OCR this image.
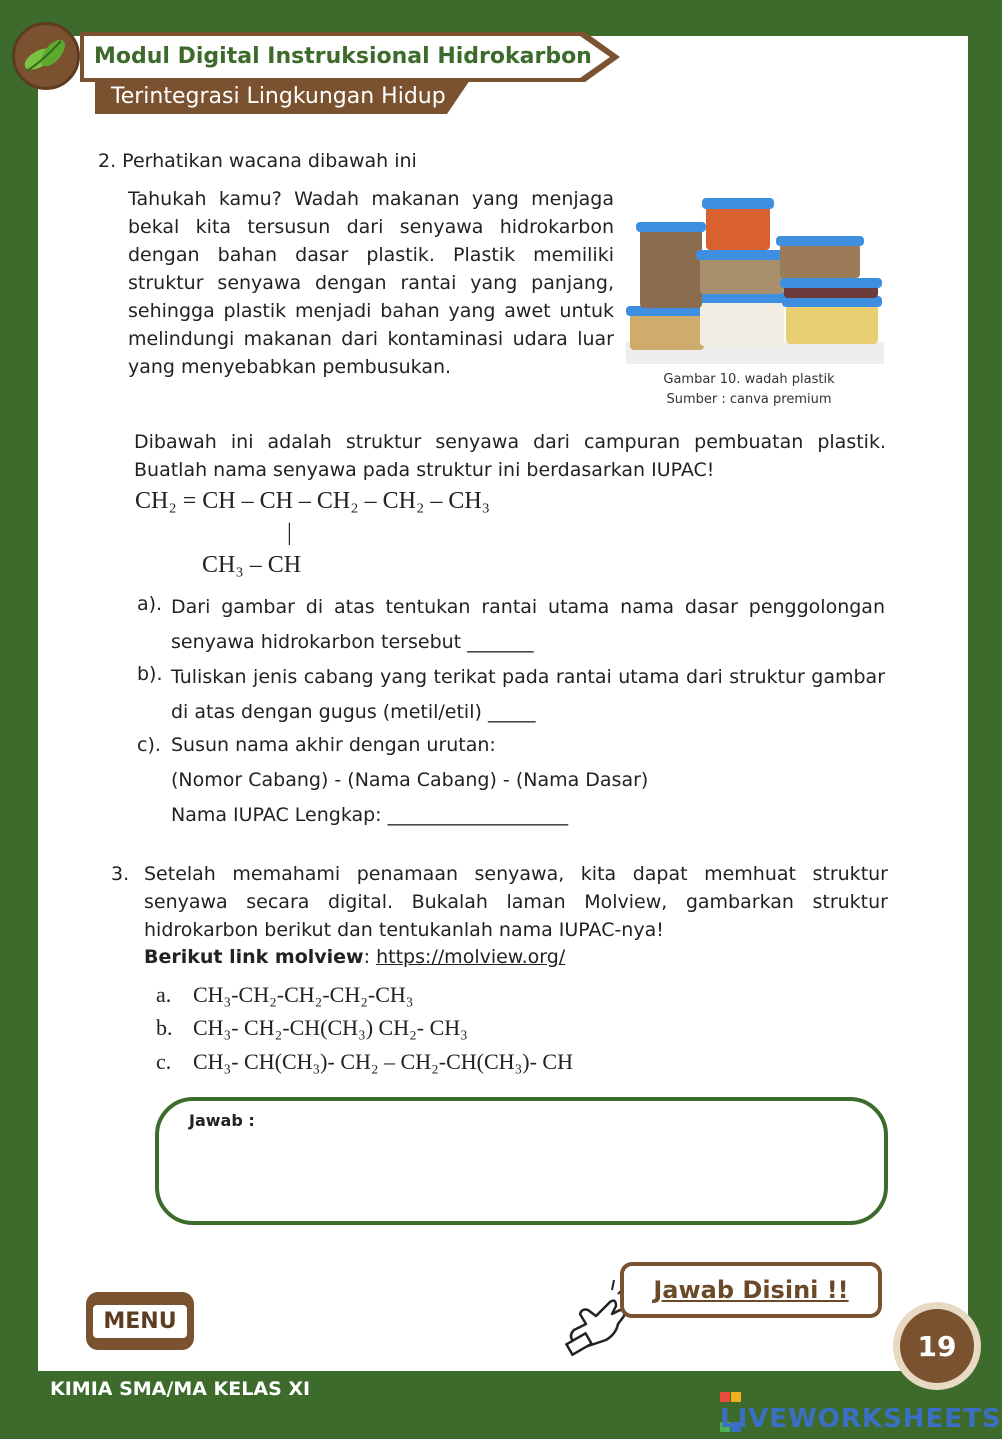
Modul Digital Instruksional Hidrokarbon
Terintegrasi Lingkungan Hidup
2. Perhatikan wacana dibawah ini
Tahukah kamu? Wadah makanan yang menjaga bekal kita tersusun dari senyawa hidrokarbon dengan bahan dasar plastik. Plastik memiliki struktur senyawa dengan rantai yang panjang, sehingga plastik menjadi bahan yang awet untuk melindungi makanan dari kontaminasi udara luar yang menyebabkan pembusukan.
Gambar 10. wadah plastik
Sumber : canva premium
Dibawah ini adalah struktur senyawa dari campuran pembuatan plastik. Buatlah nama senyawa pada struktur ini berdasarkan IUPAC!
CH₂ = CH – CH – CH₂ – CH₂ – CH₃
|
CH₃ – CH
a). Dari gambar di atas tentukan rantai utama nama dasar penggolongan senyawa hidrokarbon tersebut _______
b). Tuliskan jenis cabang yang terikat pada rantai utama dari struktur gambar di atas dengan gugus (metil/etil) _____
c). Susun nama akhir dengan urutan:
(Nomor Cabang) - (Nama Cabang) - (Nama Dasar)
Nama IUPAC Lengkap: ___________________
3. Setelah memahami penamaan senyawa, kita dapat memhuat struktur senyawa secara digital. Bukalah laman Molview, gambarkan struktur hidrokarbon berikut dan tentukanlah nama IUPAC-nya!
Berikut link molview: https://molview.org/
a. CH₃-CH₂-CH₂-CH₂-CH₃
b. CH₃- CH₂-CH(CH₃) CH₂- CH₃
c. CH₃- CH(CH₃)- CH₂ – CH₂-CH(CH₃)- CH
Jawab :
Jawab Disini !!
MENU
19
KIMIA SMA/MA KELAS XI

LIVEWORKSHEETS
